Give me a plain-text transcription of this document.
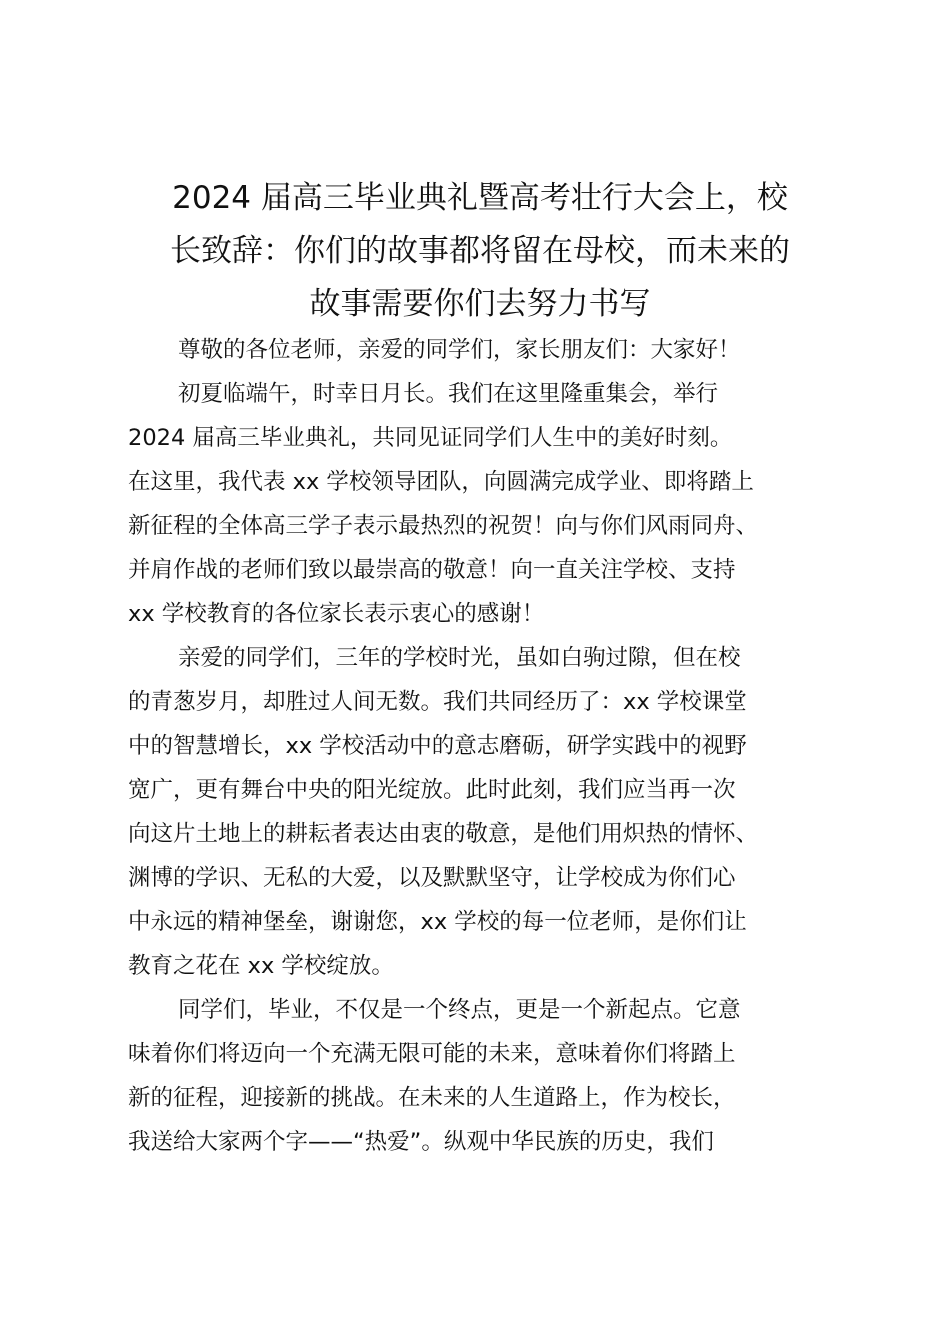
2024 届高三毕业典礼暨高考壮行大会上，校
长致辞：你们的故事都将留在母校，而未来的
故事需要你们去努力书写

尊敬的各位老师，亲爱的同学们，家长朋友们：大家好！

初夏临端午，时幸日月长。我们在这里隆重集会，举行
2024 届高三毕业典礼，共同见证同学们人生中的美好时刻。
在这里，我代表 xx 学校领导团队，向圆满完成学业、即将踏上
新征程的全体高三学子表示最热烈的祝贺！向与你们风雨同舟、
并肩作战的老师们致以最崇高的敬意！向一直关注学校、支持
xx 学校教育的各位家长表示衷心的感谢！

亲爱的同学们，三年的学校时光，虽如白驹过隙，但在校
的青葱岁月，却胜过人间无数。我们共同经历了：xx 学校课堂
中的智慧增长，xx 学校活动中的意志磨砺，研学实践中的视野
宽广，更有舞台中央的阳光绽放。此时此刻，我们应当再一次
向这片土地上的耕耘者表达由衷的敬意，是他们用炽热的情怀、
渊博的学识、无私的大爱，以及默默坚守，让学校成为你们心
中永远的精神堡垒，谢谢您，xx 学校的每一位老师，是你们让
教育之花在 xx 学校绽放。

同学们，毕业，不仅是一个终点，更是一个新起点。它意
味着你们将迈向一个充满无限可能的未来，意味着你们将踏上
新的征程，迎接新的挑战。在未来的人生道路上，作为校长，
我送给大家两个字——“热爱”。纵观中华民族的历史，我们
